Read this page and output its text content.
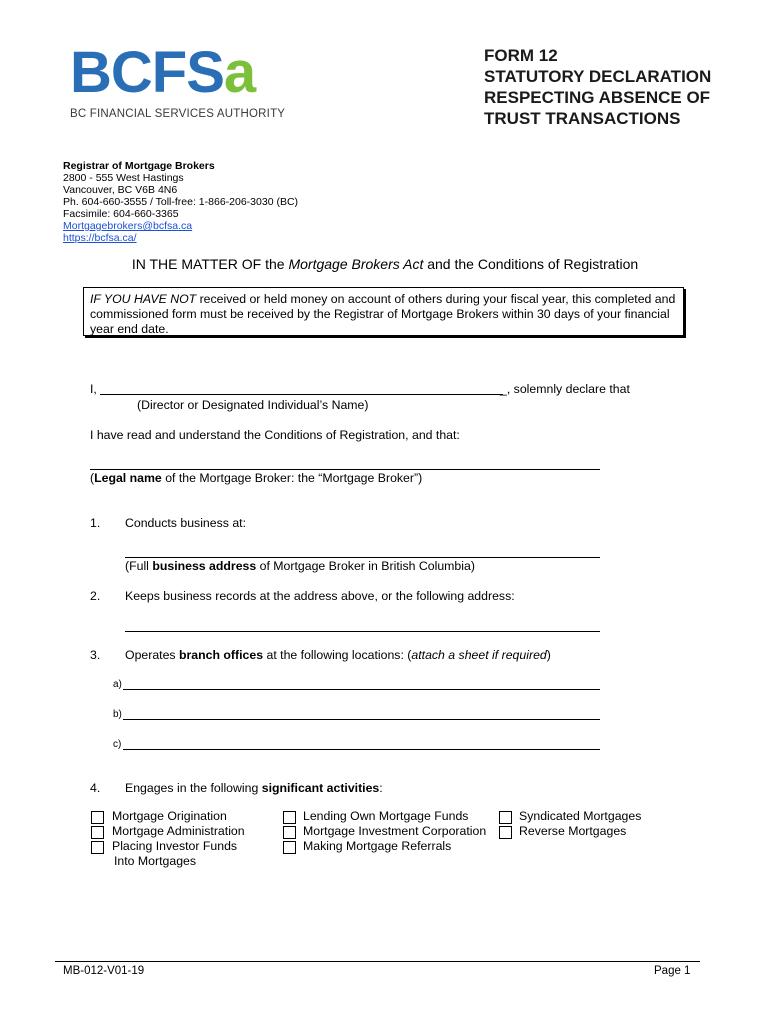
BCFSa
BC FINANCIAL SERVICES AUTHORITY
FORM 12
STATUTORY DECLARATION
RESPECTING ABSENCE OF
TRUST TRANSACTIONS
Registrar of Mortgage Brokers
2800 - 555 West Hastings
Vancouver, BC V6B 4N6
Ph. 604-660-3555 / Toll-free: 1-866-206-3030 (BC)
Facsimile: 604-660-3365
Mortgagebrokers@bcfsa.ca
https://bcfsa.ca/
IN THE MATTER OF the Mortgage Brokers Act and the Conditions of Registration
IF YOU HAVE NOT received or held money on account of others during your fiscal year, this completed and commissioned form must be received by the Registrar of Mortgage Brokers within 30 days of your financial year end date.
I,	_, solemnly declare that
(Director or Designated Individual’s Name)
I have read and understand the Conditions of Registration, and that:
(Legal name of the Mortgage Broker: the “Mortgage Broker”)
1. Conducts business at:
(Full business address of Mortgage Broker in British Columbia)
2. Keeps business records at the address above, or the following address:
3. Operates branch offices at the following locations: (attach a sheet if required)
a)
b)
c)
4. Engages in the following significant activities:
Mortgage Origination
Mortgage Administration
Placing Investor Funds
Into Mortgages
Lending Own Mortgage Funds
Mortgage Investment Corporation
Making Mortgage Referrals
Syndicated Mortgages
Reverse Mortgages
MB-012-V01-19	Page 1
